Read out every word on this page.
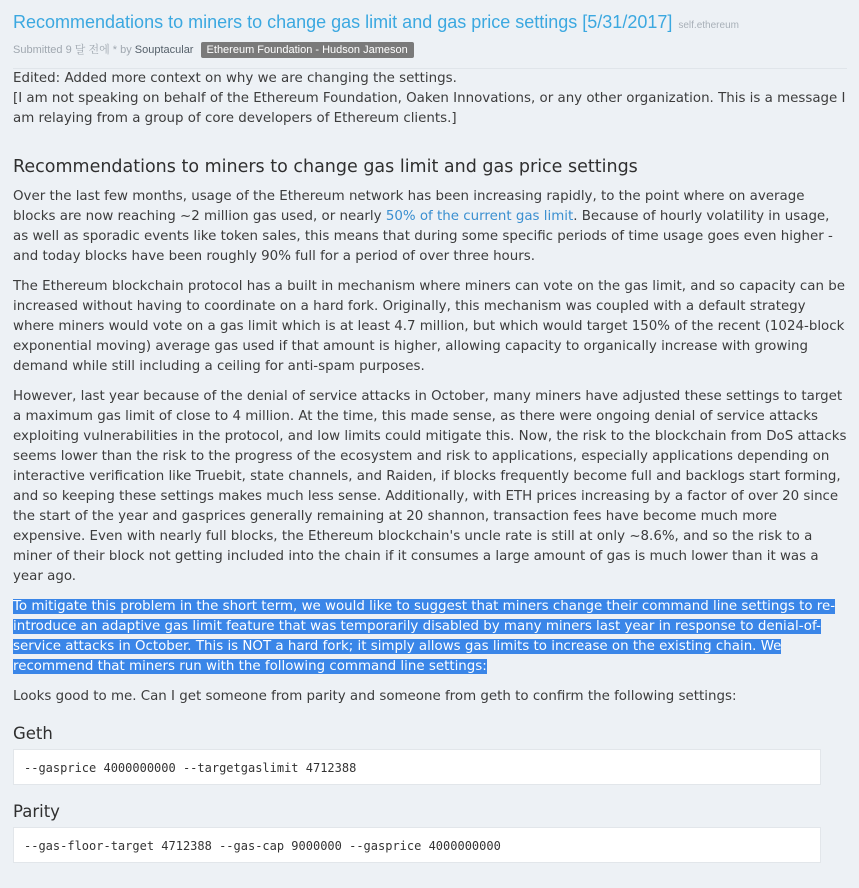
Recommendations to miners to change gas limit and gas price settings [5/31/2017] self.ethereum
Submitted 9 달 전에 * by Souptacular Ethereum Foundation - Hudson Jameson

Edited: Added more context on why we are changing the settings.

[I am not speaking on behalf of the Ethereum Foundation, Oaken Innovations, or any other organization. This is a message I am relaying from a group of core developers of Ethereum clients.]

Recommendations to miners to change gas limit and gas price settings

Over the last few months, usage of the Ethereum network has been increasing rapidly, to the point where on average blocks are now reaching ~2 million gas used, or nearly 50% of the current gas limit. Because of hourly volatility in usage, as well as sporadic events like token sales, this means that during some specific periods of time usage goes even higher - and today blocks have been roughly 90% full for a period of over three hours.

The Ethereum blockchain protocol has a built in mechanism where miners can vote on the gas limit, and so capacity can be increased without having to coordinate on a hard fork. Originally, this mechanism was coupled with a default strategy where miners would vote on a gas limit which is at least 4.7 million, but which would target 150% of the recent (1024-block exponential moving) average gas used if that amount is higher, allowing capacity to organically increase with growing demand while still including a ceiling for anti-spam purposes.

However, last year because of the denial of service attacks in October, many miners have adjusted these settings to target a maximum gas limit of close to 4 million. At the time, this made sense, as there were ongoing denial of service attacks exploiting vulnerabilities in the protocol, and low limits could mitigate this. Now, the risk to the blockchain from DoS attacks seems lower than the risk to the progress of the ecosystem and risk to applications, especially applications depending on interactive verification like Truebit, state channels, and Raiden, if blocks frequently become full and backlogs start forming, and so keeping these settings makes much less sense. Additionally, with ETH prices increasing by a factor of over 20 since the start of the year and gasprices generally remaining at 20 shannon, transaction fees have become much more expensive. Even with nearly full blocks, the Ethereum blockchain's uncle rate is still at only ~8.6%, and so the risk to a miner of their block not getting included into the chain if it consumes a large amount of gas is much lower than it was a year ago.

To mitigate this problem in the short term, we would like to suggest that miners change their command line settings to re-introduce an adaptive gas limit feature that was temporarily disabled by many miners last year in response to denial-of-service attacks in October. This is NOT a hard fork; it simply allows gas limits to increase on the existing chain. We recommend that miners run with the following command line settings:

Looks good to me. Can I get someone from parity and someone from geth to confirm the following settings:

Geth
--gasprice 4000000000 --targetgaslimit 4712388
Parity
--gas-floor-target 4712388 --gas-cap 9000000 --gasprice 4000000000
